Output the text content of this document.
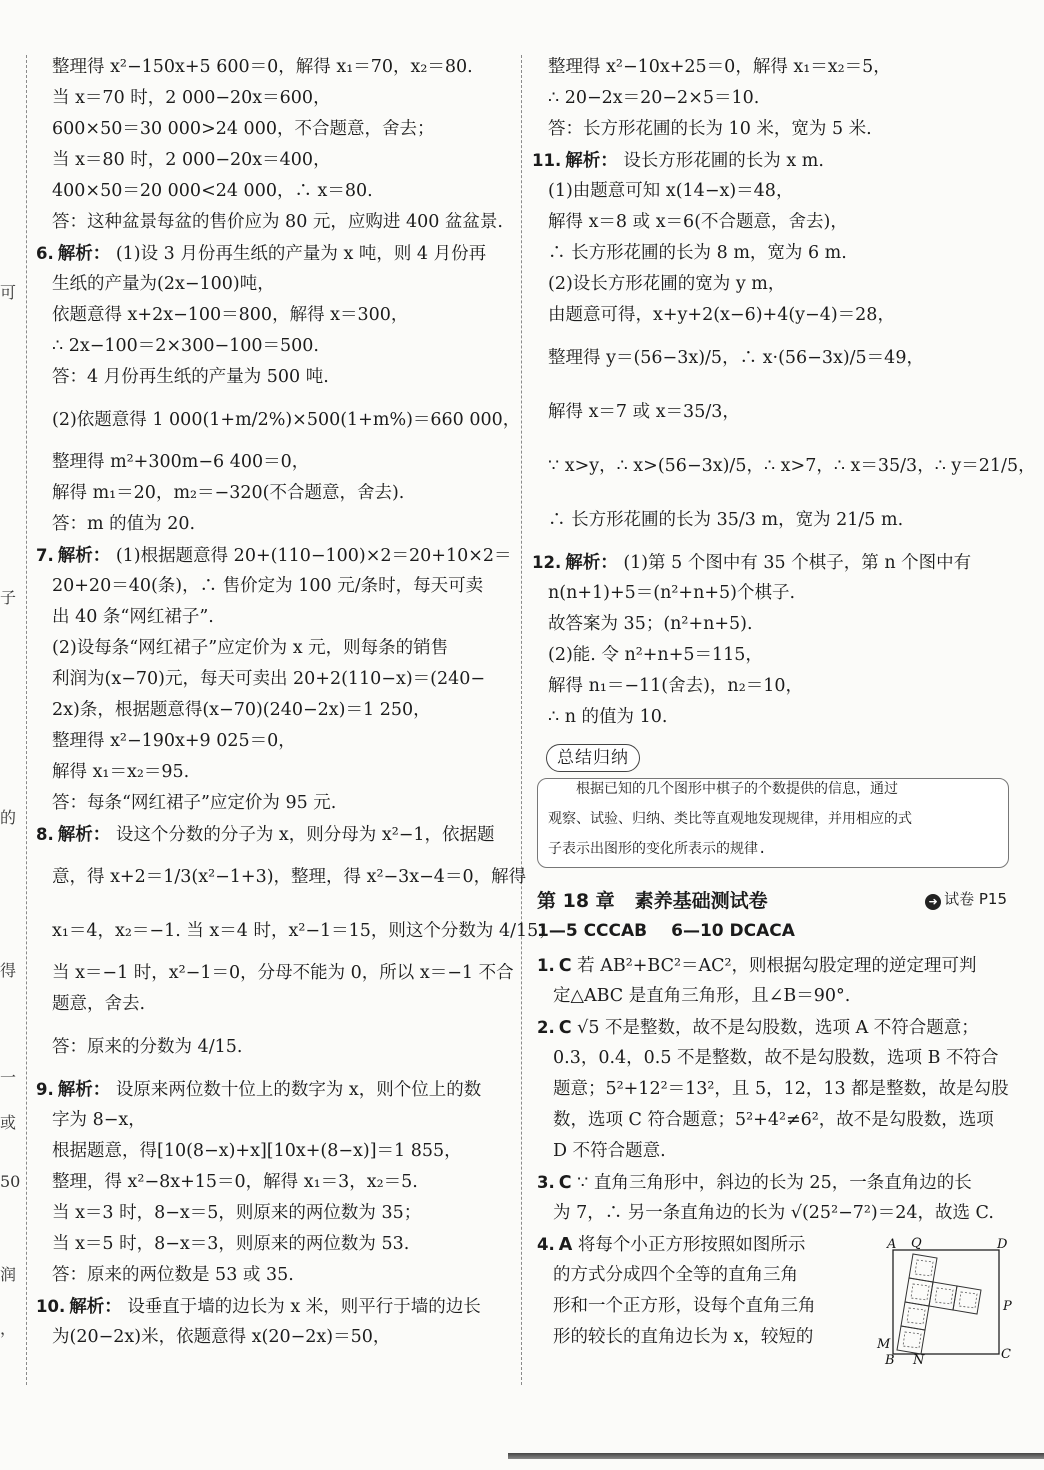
可
子
的
得
一
或
50
润
，
整理得 x²−150x+5 600＝0，解得 x₁＝70，x₂＝80.
当 x＝70 时，2 000−20x＝600，
600×50＝30 000>24 000，不合题意，舍去；
当 x＝80 时，2 000−20x＝400，
400×50＝20 000<24 000，∴ x＝80.
答：这种盆景每盆的售价应为 80 元，应购进 400 盆盆景.
6. 解析： (1)设 3 月份再生纸的产量为 x 吨，则 4 月份再
生纸的产量为(2x−100)吨，
依题意得 x+2x−100＝800，解得 x＝300，
∴ 2x−100＝2×300−100＝500.
答：4 月份再生纸的产量为 500 吨.
(2)依题意得 1 000(1+m/2%)×500(1+m%)＝660 000，
整理得 m²+300m−6 400＝0，
解得 m₁＝20，m₂＝−320(不合题意，舍去).
答：m 的值为 20.
7. 解析： (1)根据题意得 20+(110−100)×2＝20+10×2＝
20+20＝40(条)，∴ 售价定为 100 元/条时，每天可卖
出 40 条“网红裙子”.
(2)设每条“网红裙子”应定价为 x 元，则每条的销售
利润为(x−70)元，每天可卖出 20+2(110−x)＝(240−
2x)条，根据题意得(x−70)(240−2x)＝1 250，
整理得 x²−190x+9 025＝0，
解得 x₁＝x₂＝95.
答：每条“网红裙子”应定价为 95 元.
8. 解析： 设这个分数的分子为 x，则分母为 x²−1，依据题
意，得 x+2＝1/3(x²−1+3)，整理，得 x²−3x−4＝0，解得
x₁＝4，x₂＝−1. 当 x＝4 时，x²−1＝15，则这个分数为 4/15；
当 x＝−1 时，x²−1＝0，分母不能为 0，所以 x＝−1 不合
题意，舍去.
答：原来的分数为 4/15.
9. 解析： 设原来两位数十位上的数字为 x，则个位上的数
字为 8−x，
根据题意，得[10(8−x)+x][10x+(8−x)]＝1 855，
整理，得 x²−8x+15＝0，解得 x₁＝3，x₂＝5.
当 x＝3 时，8−x＝5，则原来的两位数为 35；
当 x＝5 时，8−x＝3，则原来的两位数为 53.
答：原来的两位数是 53 或 35.
10. 解析： 设垂直于墙的边长为 x 米，则平行于墙的边长
为(20−2x)米，依题意得 x(20−2x)＝50，
整理得 x²−10x+25＝0，解得 x₁＝x₂＝5，
∴ 20−2x＝20−2×5＝10.
答：长方形花圃的长为 10 米，宽为 5 米.
11. 解析： 设长方形花圃的长为 x m.
(1)由题意可知 x(14−x)＝48，
解得 x＝8 或 x＝6(不合题意，舍去)，
∴ 长方形花圃的长为 8 m，宽为 6 m.
(2)设长方形花圃的宽为 y m，
由题意可得，x+y+2(x−6)+4(y−4)＝28，
整理得 y＝(56−3x)/5，∴ x·(56−3x)/5＝49，
解得 x＝7 或 x＝35/3，
∵ x>y，∴ x>(56−3x)/5，∴ x>7，∴ x＝35/3，∴ y＝21/5，
∴ 长方形花圃的长为 35/3 m，宽为 21/5 m.
12. 解析： (1)第 5 个图中有 35 个棋子，第 n 个图中有
n(n+1)+5＝(n²+n+5)个棋子.
故答案为 35；(n²+n+5).
(2)能. 令 n²+n+5＝115，
解得 n₁＝−11(舍去)，n₂＝10，
∴ n 的值为 10.
总结归纳
　　根据已知的几个图形中棋子的个数提供的信息，通过
观察、试验、归纳、类比等直观地发现规律，并用相应的式
子表示出图形的变化所表示的规律.
第 18 章 素养基础测试卷	➜ 试卷 P15
1—5 CCCAB 6—10 DCACA
1. C 若 AB²+BC²＝AC²，则根据勾股定理的逆定理可判
定△ABC 是直角三角形，且∠B＝90°.
2. C √5 不是整数，故不是勾股数，选项 A 不符合题意；
0.3，0.4，0.5 不是整数，故不是勾股数，选项 B 不符合
题意；5²+12²＝13²，且 5，12，13 都是整数，故是勾股
数，选项 C 符合题意；5²+4²≠6²，故不是勾股数，选项
D 不符合题意.
3. C ∵ 直角三角形中，斜边的长为 25，一条直角边的长
为 7，∴ 另一条直角边的长为 √(25²−7²)＝24，故选 C.
4. A 将每个小正方形按照如图所示
的方式分成四个全等的直角三角
形和一个正方形，设每个直角三角
形的较长的直角边长为 x，较短的
A Q	D
P
M
B N	C
